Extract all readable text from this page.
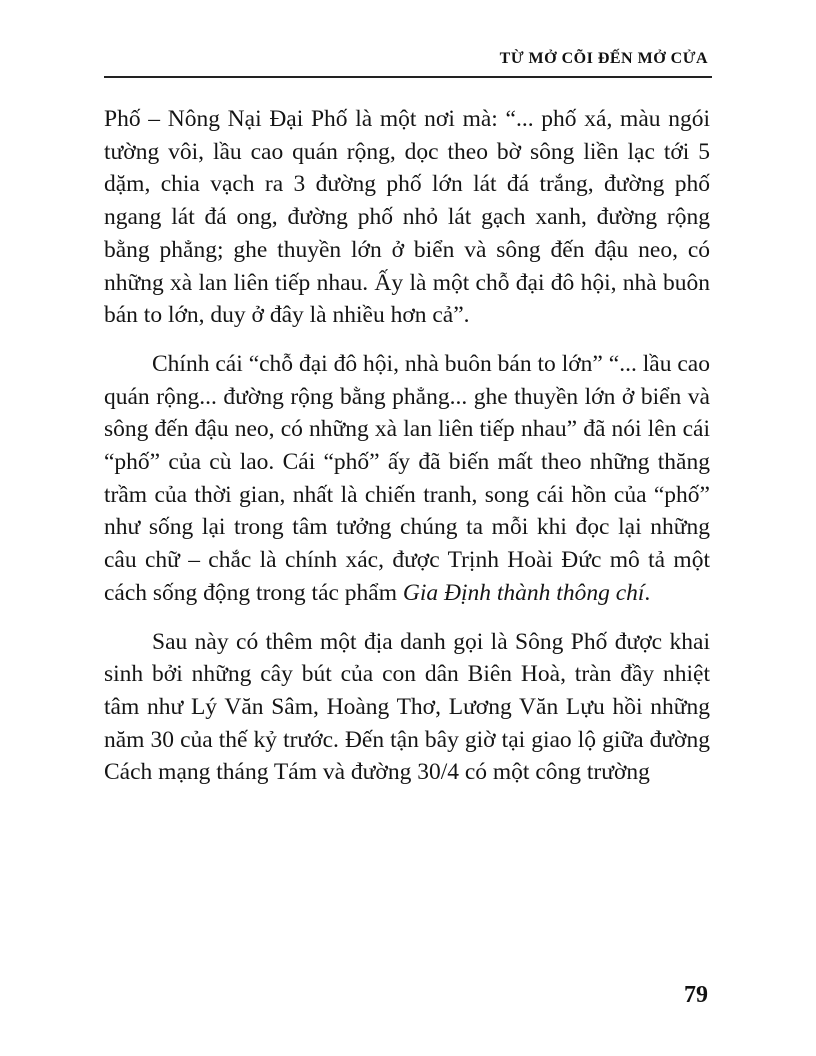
TỪ MỞ CÕI ĐẾN MỞ CỬA

Phố – Nông Nại Đại Phố là một nơi mà: “... phố xá, màu ngói tường vôi, lầu cao quán rộng, dọc theo bờ sông liền lạc tới 5 dặm, chia vạch ra 3 đường phố lớn lát đá trắng, đường phố ngang lát đá ong, đường phố nhỏ lát gạch xanh, đường rộng bằng phẳng; ghe thuyền lớn ở biển và sông đến đậu neo, có những xà lan liên tiếp nhau. Ấy là một chỗ đại đô hội, nhà buôn bán to lớn, duy ở đây là nhiều hơn cả”.

Chính cái “chỗ đại đô hội, nhà buôn bán to lớn” “... lầu cao quán rộng... đường rộng bằng phẳng... ghe thuyền lớn ở biển và sông đến đậu neo, có những xà lan liên tiếp nhau” đã nói lên cái “phố” của cù lao. Cái “phố” ấy đã biến mất theo những thăng trầm của thời gian, nhất là chiến tranh, song cái hồn của “phố” như sống lại trong tâm tưởng chúng ta mỗi khi đọc lại những câu chữ – chắc là chính xác, được Trịnh Hoài Đức mô tả một cách sống động trong tác phẩm Gia Định thành thông chí.

Sau này có thêm một địa danh gọi là Sông Phố được khai sinh bởi những cây bút của con dân Biên Hoà, tràn đầy nhiệt tâm như Lý Văn Sâm, Hoàng Thơ, Lương Văn Lựu hồi những năm 30 của thế kỷ trước. Đến tận bây giờ tại giao lộ giữa đường Cách mạng tháng Tám và đường 30/4 có một công trường

79
